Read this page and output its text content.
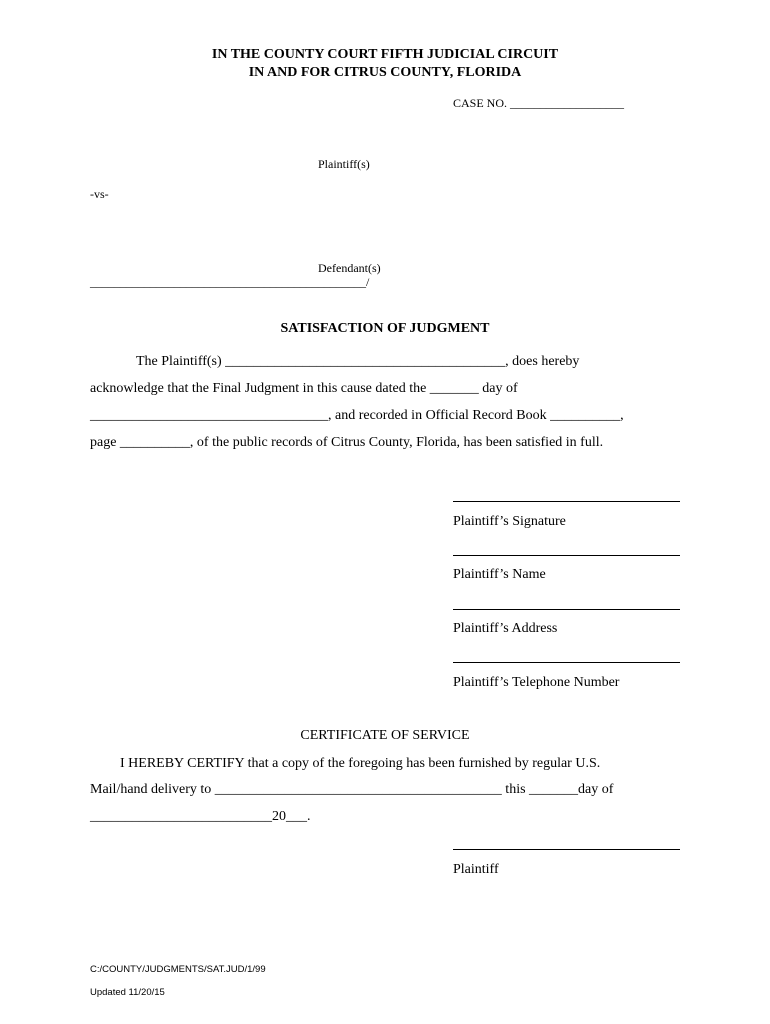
IN THE COUNTY COURT FIFTH JUDICIAL CIRCUIT
IN AND FOR CITRUS COUNTY, FLORIDA
CASE NO. ___________________
Plaintiff(s)
-vs-
Defendant(s)
______________________________________________/
SATISFACTION OF JUDGMENT
The Plaintiff(s) ________________________________________, does hereby
acknowledge that the Final Judgment in this cause dated the _______ day of
__________________________________, and recorded in Official Record Book __________,
page __________, of the public records of Citrus County, Florida, has been satisfied in full.
Plaintiff’s Signature
Plaintiff’s Name
Plaintiff’s Address
Plaintiff’s Telephone Number
CERTIFICATE OF SERVICE
I HEREBY CERTIFY that a copy of the foregoing has been furnished by regular U.S.
Mail/hand delivery to _________________________________________ this _______day of
__________________________20___.
Plaintiff
C:/COUNTY/JUDGMENTS/SAT.JUD/1/99
Updated 11/20/15
